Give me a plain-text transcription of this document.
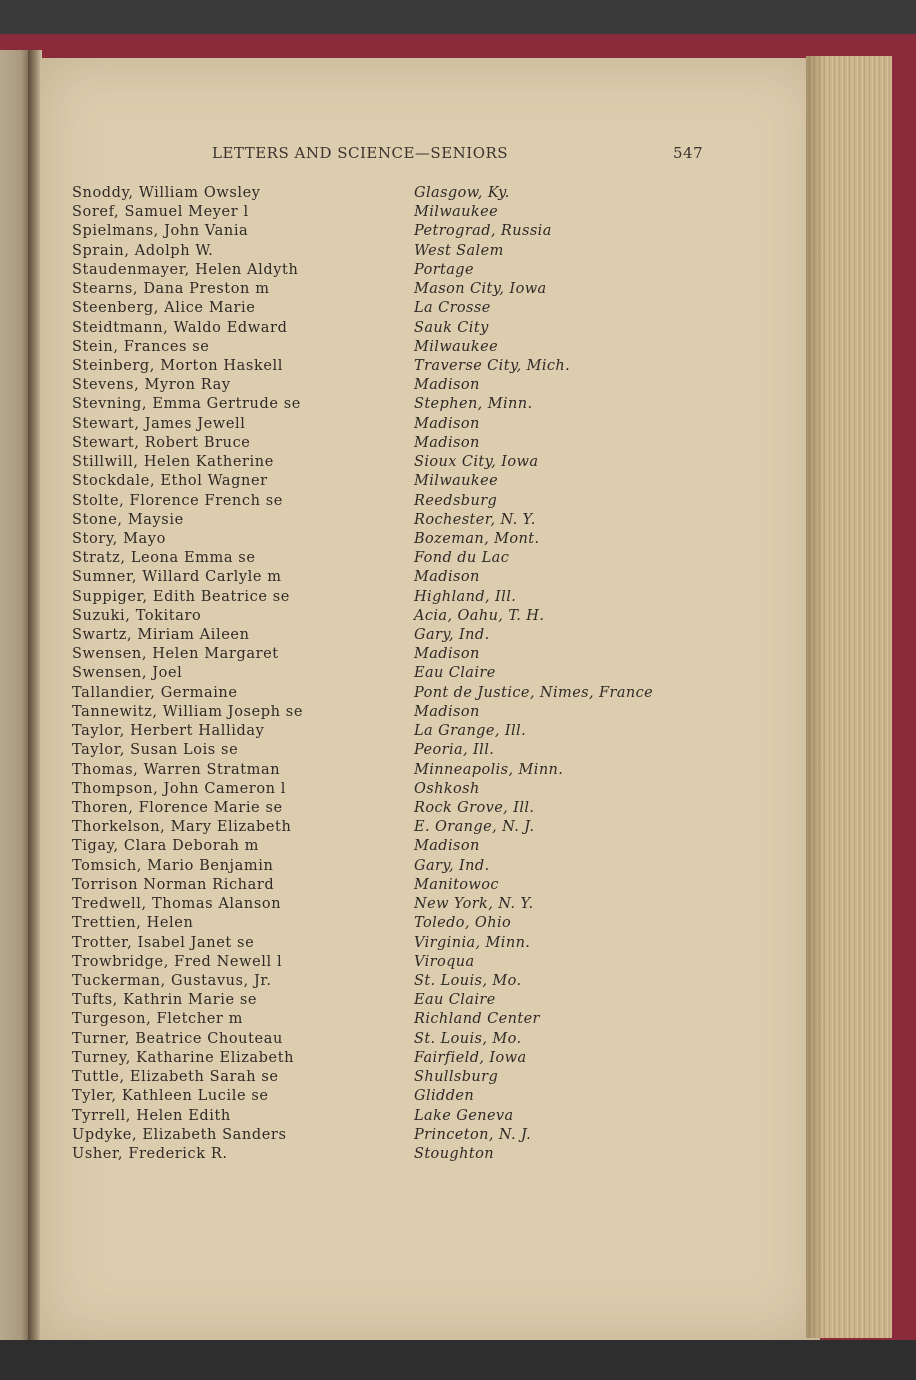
LETTERS AND SCIENCE—SENIORS	547
Snoddy, William Owsley	Glasgow, Ky.
Soref, Samuel Meyer l	Milwaukee
Spielmans, John Vania	Petrograd, Russia
Sprain, Adolph W.	West Salem
Staudenmayer, Helen Aldyth	Portage
Stearns, Dana Preston m	Mason City, Iowa
Steenberg, Alice Marie	La Crosse
Steidtmann, Waldo Edward	Sauk City
Stein, Frances se	Milwaukee
Steinberg, Morton Haskell	Traverse City, Mich.
Stevens, Myron Ray	Madison
Stevning, Emma Gertrude se	Stephen, Minn.
Stewart, James Jewell	Madison
Stewart, Robert Bruce	Madison
Stillwill, Helen Katherine	Sioux City, Iowa
Stockdale, Ethol Wagner	Milwaukee
Stolte, Florence French se	Reedsburg
Stone, Maysie	Rochester, N. Y.
Story, Mayo	Bozeman, Mont.
Stratz, Leona Emma se	Fond du Lac
Sumner, Willard Carlyle m	Madison
Suppiger, Edith Beatrice se	Highland, Ill.
Suzuki, Tokitaro	Acia, Oahu, T. H.
Swartz, Miriam Aileen	Gary, Ind.
Swensen, Helen Margaret	Madison
Swensen, Joel	Eau Claire
Tallandier, Germaine	Pont de Justice, Nimes, France
Tannewitz, William Joseph se	Madison
Taylor, Herbert Halliday	La Grange, Ill.
Taylor, Susan Lois se	Peoria, Ill.
Thomas, Warren Stratman	Minneapolis, Minn.
Thompson, John Cameron l	Oshkosh
Thoren, Florence Marie se	Rock Grove, Ill.
Thorkelson, Mary Elizabeth	E. Orange, N. J.
Tigay, Clara Deborah m	Madison
Tomsich, Mario Benjamin	Gary, Ind.
Torrison Norman Richard	Manitowoc
Tredwell, Thomas Alanson	New York, N. Y.
Trettien, Helen	Toledo, Ohio
Trotter, Isabel Janet se	Virginia, Minn.
Trowbridge, Fred Newell l	Viroqua
Tuckerman, Gustavus, Jr.	St. Louis, Mo.
Tufts, Kathrin Marie se	Eau Claire
Turgeson, Fletcher m	Richland Center
Turner, Beatrice Chouteau	St. Louis, Mo.
Turney, Katharine Elizabeth	Fairfield, Iowa
Tuttle, Elizabeth Sarah se	Shullsburg
Tyler, Kathleen Lucile se	Glidden
Tyrrell, Helen Edith	Lake Geneva
Updyke, Elizabeth Sanders	Princeton, N. J.
Usher, Frederick R.	Stoughton
